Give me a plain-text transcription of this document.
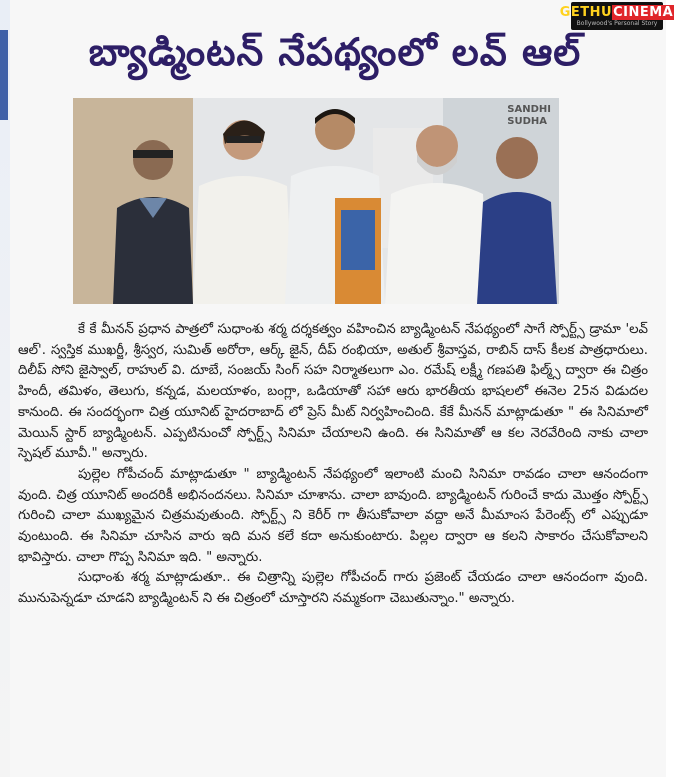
GETHUCINEMA
Bollywood's Personal Story
బ్యాడ్మింటన్ నేపథ్యంలో లవ్ ఆల్
SANDHI
SUDHA

కే కే మీనన్ ప్రధాన పాత్రలో సుధాంశు శర్మ దర్శకత్వం వహించిన బ్యాడ్మింటన్ నేపథ్యంలో సాగే స్పోర్ట్స్ డ్రామా 'లవ్ ఆల్'. స్వస్తిక ముఖర్జీ, శ్రీస్వర, సుమిత్ అరోరా, ఆర్క్ జైన్, దీప్ రంభియా, అతుల్ శ్రీవాస్తవ, రాబిన్ దాస్ కీలక పాత్రధారులు. దిలీప్ సోని జైస్వాల్, రాహుల్ వి. దూబే, సంజయ్ సింగ్ సహ నిర్మాతలుగా ఎం. రమేష్ లక్ష్మీ గణపతి ఫిల్మ్స్ ద్వారా ఈ చిత్రం హిందీ, తమిళం, తెలుగు, కన్నడ, మలయాళం, బంగ్లా, ఒడియాతో సహా ఆరు భారతీయ భాషలలో ఈనెల 25న విడుదల కానుంది. ఈ సందర్భంగా చిత్ర యూనిట్ హైదరాబాద్ లో ప్రెస్ మీట్ నిర్వహించింది. కేకే మీనన్ మాట్లాడుతూ " ఈ సినిమాలో మెయిన్ స్టార్ బ్యాడ్మింటన్. ఎప్పటినుంచో స్పోర్ట్స్ సినిమా చేయాలని ఉంది. ఈ సినిమాతో ఆ కల నెరవేరింది నాకు చాలా స్పెషల్ మూవీ." అన్నారు.

పుల్లెల గోపీచంద్ మాట్లాడుతూ " బ్యాడ్మింటన్ నేపథ్యంలో ఇలాంటి మంచి సినిమా రావడం చాలా ఆనందంగా వుంది. చిత్ర యూనిట్ అందరికీ అభినందనలు. సినిమా చూశాను. చాలా బావుంది. బ్యాడ్మింటన్ గురించే కాదు మొత్తం స్పోర్ట్స్ గురించి చాలా ముఖ్యమైన చిత్రమవుతుంది. స్పోర్ట్స్ ని కెరీర్ గా తీసుకోవాలా వద్దా అనే మీమాంస పేరెంట్స్ లో ఎప్పుడూ వుంటుంది. ఈ సినిమా చూసిన వారు ఇది మన కలే కదా అనుకుంటారు. పిల్లల ద్వారా ఆ కలని సాకారం చేసుకోవాలని భావిస్తారు. చాలా గొప్ప సినిమా ఇది. " అన్నారు.

సుధాంశు శర్మ మాట్లాడుతూ.. ఈ చిత్రాన్ని పుల్లెల గోపీచంద్ గారు ప్రజెంట్ చేయడం చాలా ఆనందంగా వుంది. మునుపెన్నడూ చూడని బ్యాడ్మింటన్ ని ఈ చిత్రంలో చూస్తారని నమ్మకంగా చెబుతున్నాం." అన్నారు.
